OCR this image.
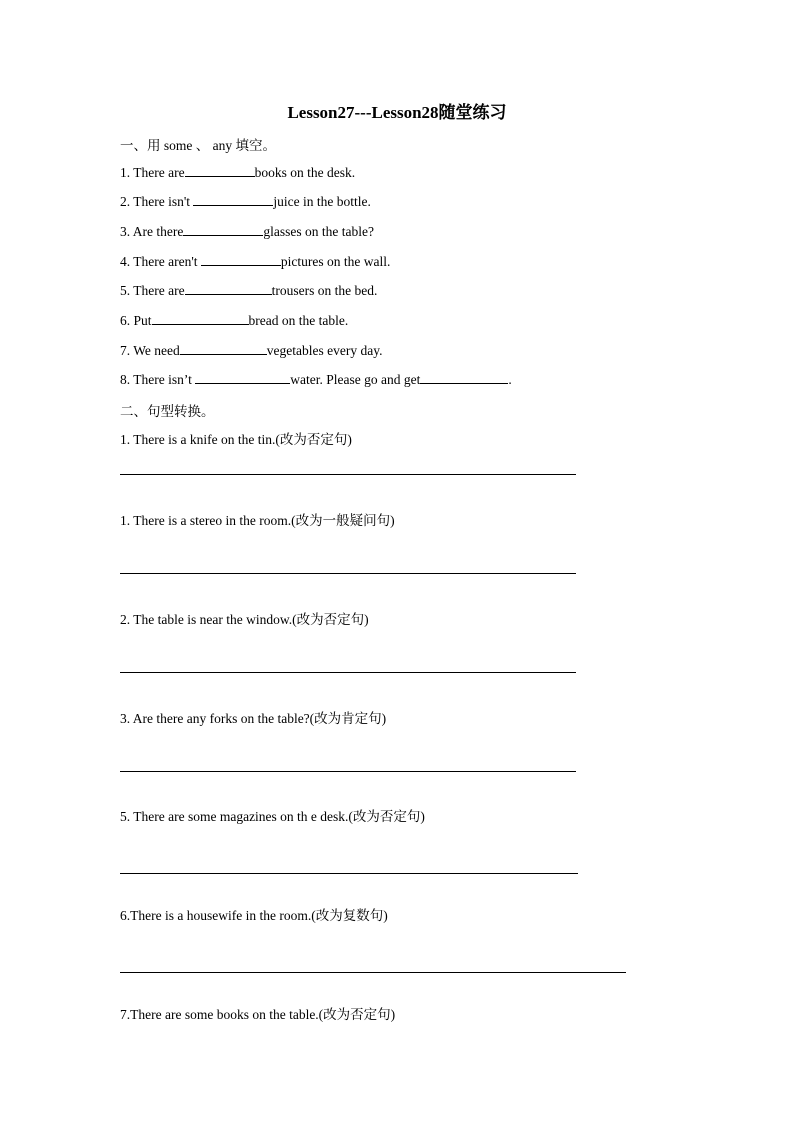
Lesson27---Lesson28随堂练习
一、用 some 、 any 填空。
1. There are	books on the desk.
2. There isn't	juice in the bottle.
3. Are there	glasses on the table?
4. There aren't	pictures on the wall.
5. There are	trousers on the bed.
6. Put	bread on the table.
7. We need	vegetables every day.
8. There isn’t	water. Please go and get	.
二、句型转换。
1. There is a knife on the tin.(改为否定句)
1. There is a stereo in the room.(改为一般疑问句)
2. The table is near the window.(改为否定句)
3. Are there any forks on the table?(改为肯定句)
5. There are some magazines on th e desk.(改为否定句)
6.There is a housewife in the room.(改为复数句)
7.There are some books on the table.(改为否定句)
